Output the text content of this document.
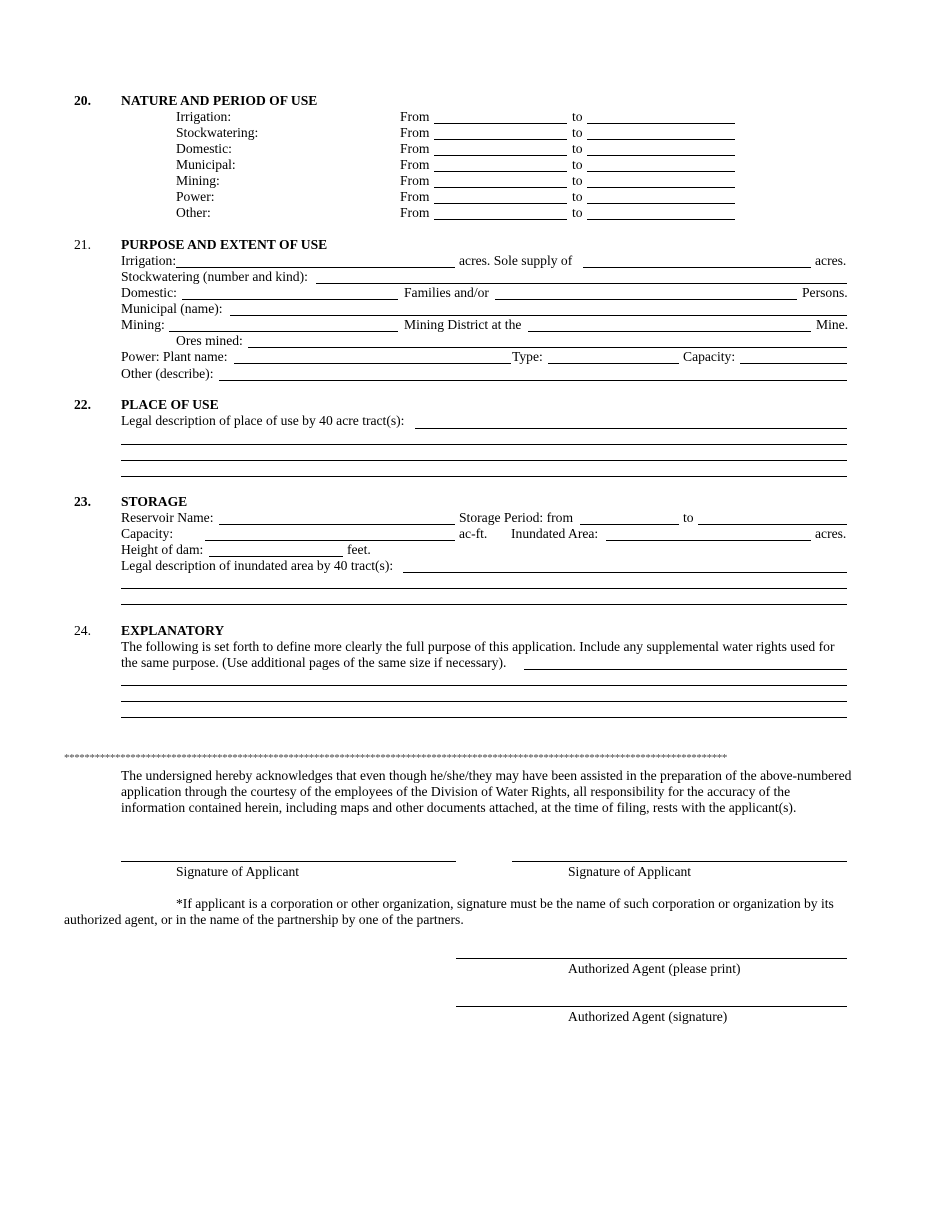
20. NATURE AND PERIOD OF USE
Irrigation:	From	to
Stockwatering:	From	to
Domestic:	From	to
Municipal:	From	to
Mining:	From	to
Power:	From	to
Other:	From	to
21. PURPOSE AND EXTENT OF USE
Irrigation:	acres. Sole supply of	acres.
Stockwatering (number and kind):
Domestic:	Families and/or	Persons.
Municipal (name):
Mining:	Mining District at the	Mine.
Ores mined:
Power: Plant name:	Type:	Capacity:
Other (describe):
22. PLACE OF USE
Legal description of place of use by 40 acre tract(s):
23. STORAGE
Reservoir Name:	Storage Period: from	to
Capacity:	ac-ft. Inundated Area:	acres.
Height of dam:	feet.
Legal description of inundated area by 40 tract(s):
24. EXPLANATORY
The following is set forth to define more clearly the full purpose of this application. Include any supplemental water rights used for
the same purpose. (Use additional pages of the same size if necessary).
**********************************************************************************************************************************
The undersigned hereby acknowledges that even though he/she/they may have been assisted in the preparation of the above-numbered
application through the courtesy of the employees of the Division of Water Rights, all responsibility for the accuracy of the
information contained herein, including maps and other documents attached, at the time of filing, rests with the applicant(s).
Signature of Applicant	Signature of Applicant
*If applicant is a corporation or other organization, signature must be the name of such corporation or organization by its
authorized agent, or in the name of the partnership by one of the partners.
Authorized Agent (please print)
Authorized Agent (signature)
